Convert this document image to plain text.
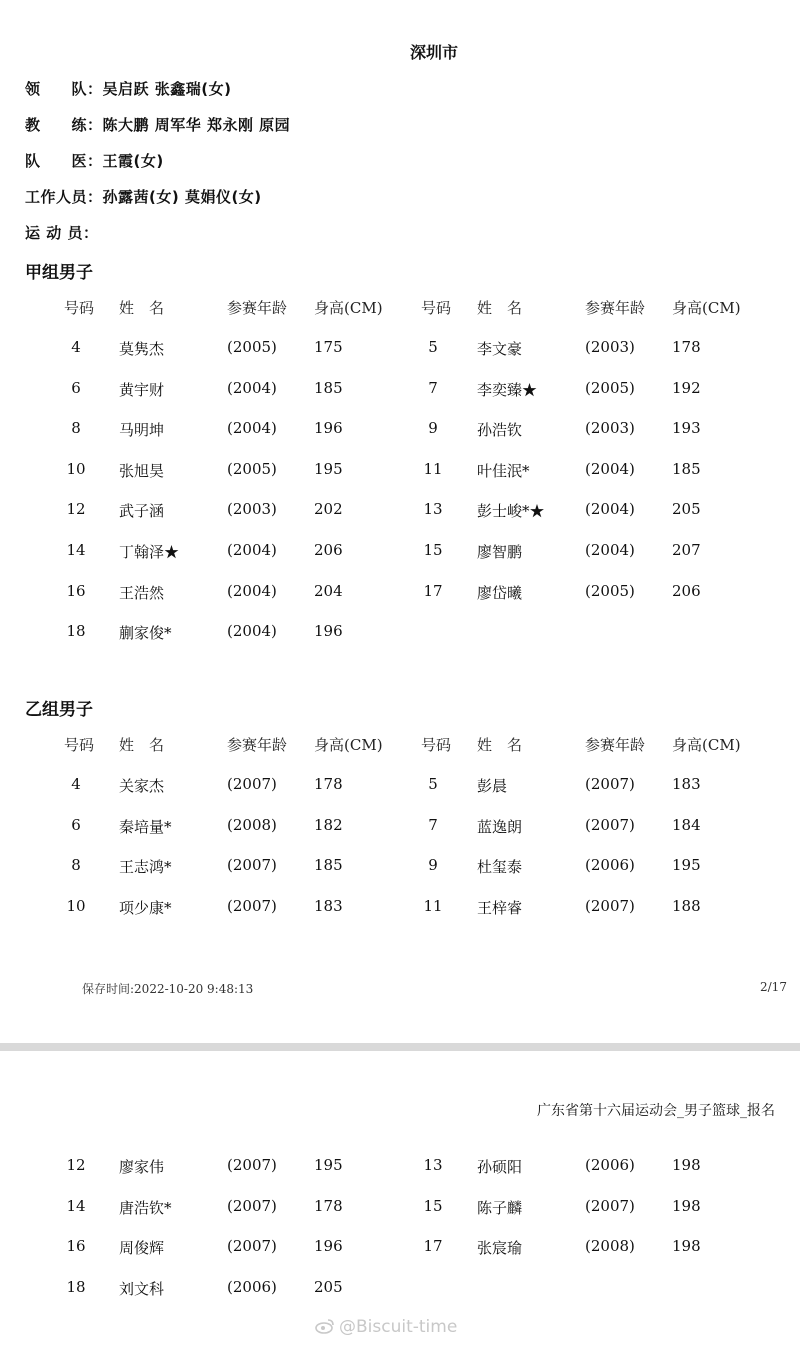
深圳市
领　　队：吴启跃 张鑫瑞(女)
教　　练：陈大鹏 周军华 郑永刚 原园
队　　医：王霞(女)
工作人员：孙露茜(女) 莫娟仪(女)
运 动 员：
甲组男子
号码 姓　名	参赛年龄 身高(CM)	号码 姓　名	参赛年龄 身高(CM)
4	莫隽杰	(2005) 175	5	李文豪	(2003) 178
6	黄宇财	(2004) 185	7	李奕臻★	(2005) 192
8	马明坤	(2004) 196	9	孙浩钦	(2003) 193
10	张旭昊	(2005) 195	11	叶佳泯*	(2004) 185
12	武子涵	(2003) 202	13	彭士峻*★	(2004) 205
14	丁翰泽★	(2004) 206	15	廖智鹏	(2004) 207
16	王浩然	(2004) 204	17	廖岱曦	(2005) 206
18	蒯家俊*	(2004) 196
乙组男子
号码 姓　名	参赛年龄 身高(CM)	号码 姓　名	参赛年龄 身高(CM)
4	关家杰	(2007) 178	5	彭晨	(2007) 183
6	秦培量*	(2008) 182	7	蓝逸朗	(2007) 184
8	王志鸿*	(2007) 185	9	杜玺泰	(2006) 195
10	项少康*	(2007) 183	11	王梓睿	(2007) 188
保存时间:2022-10-20 9:48:13	2/17
广东省第十六届运动会_男子篮球_报名
12	廖家伟	(2007) 195	13	孙硕阳	(2006) 198
14	唐浩钦*	(2007) 178	15	陈子麟	(2007) 198
16	周俊辉	(2007) 196	17	张宸瑜	(2008) 198
18	刘文科	(2006) 205
@Biscuit-time
